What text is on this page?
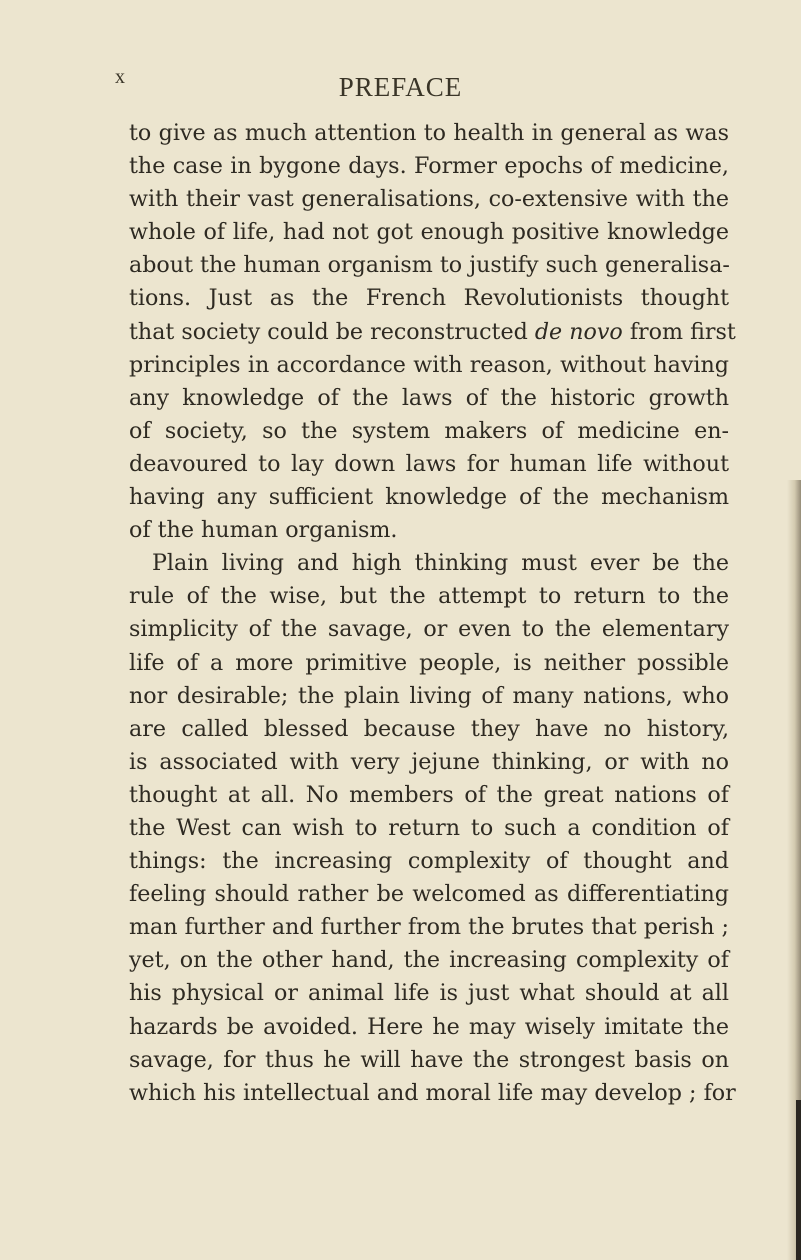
x	PREFACE
to give as much attention to health in general as was
the case in bygone days. Former epochs of medicine,
with their vast generalisations, co-extensive with the
whole of life, had not got enough positive knowledge
about the human organism to justify such generalisa-
tions. Just as the French Revolutionists thought
that society could be reconstructed de novo from first
principles in accordance with reason, without having
any knowledge of the laws of the historic growth
of society, so the system makers of medicine en-
deavoured to lay down laws for human life without
having any sufficient knowledge of the mechanism
of the human organism.
Plain living and high thinking must ever be the
rule of the wise, but the attempt to return to the
simplicity of the savage, or even to the elementary
life of a more primitive people, is neither possible
nor desirable; the plain living of many nations, who
are called blessed because they have no history,
is associated with very jejune thinking, or with no
thought at all. No members of the great nations of
the West can wish to return to such a condition of
things: the increasing complexity of thought and
feeling should rather be welcomed as differentiating
man further and further from the brutes that perish ;
yet, on the other hand, the increasing complexity of
his physical or animal life is just what should at all
hazards be avoided. Here he may wisely imitate the
savage, for thus he will have the strongest basis on
which his intellectual and moral life may develop ; for
